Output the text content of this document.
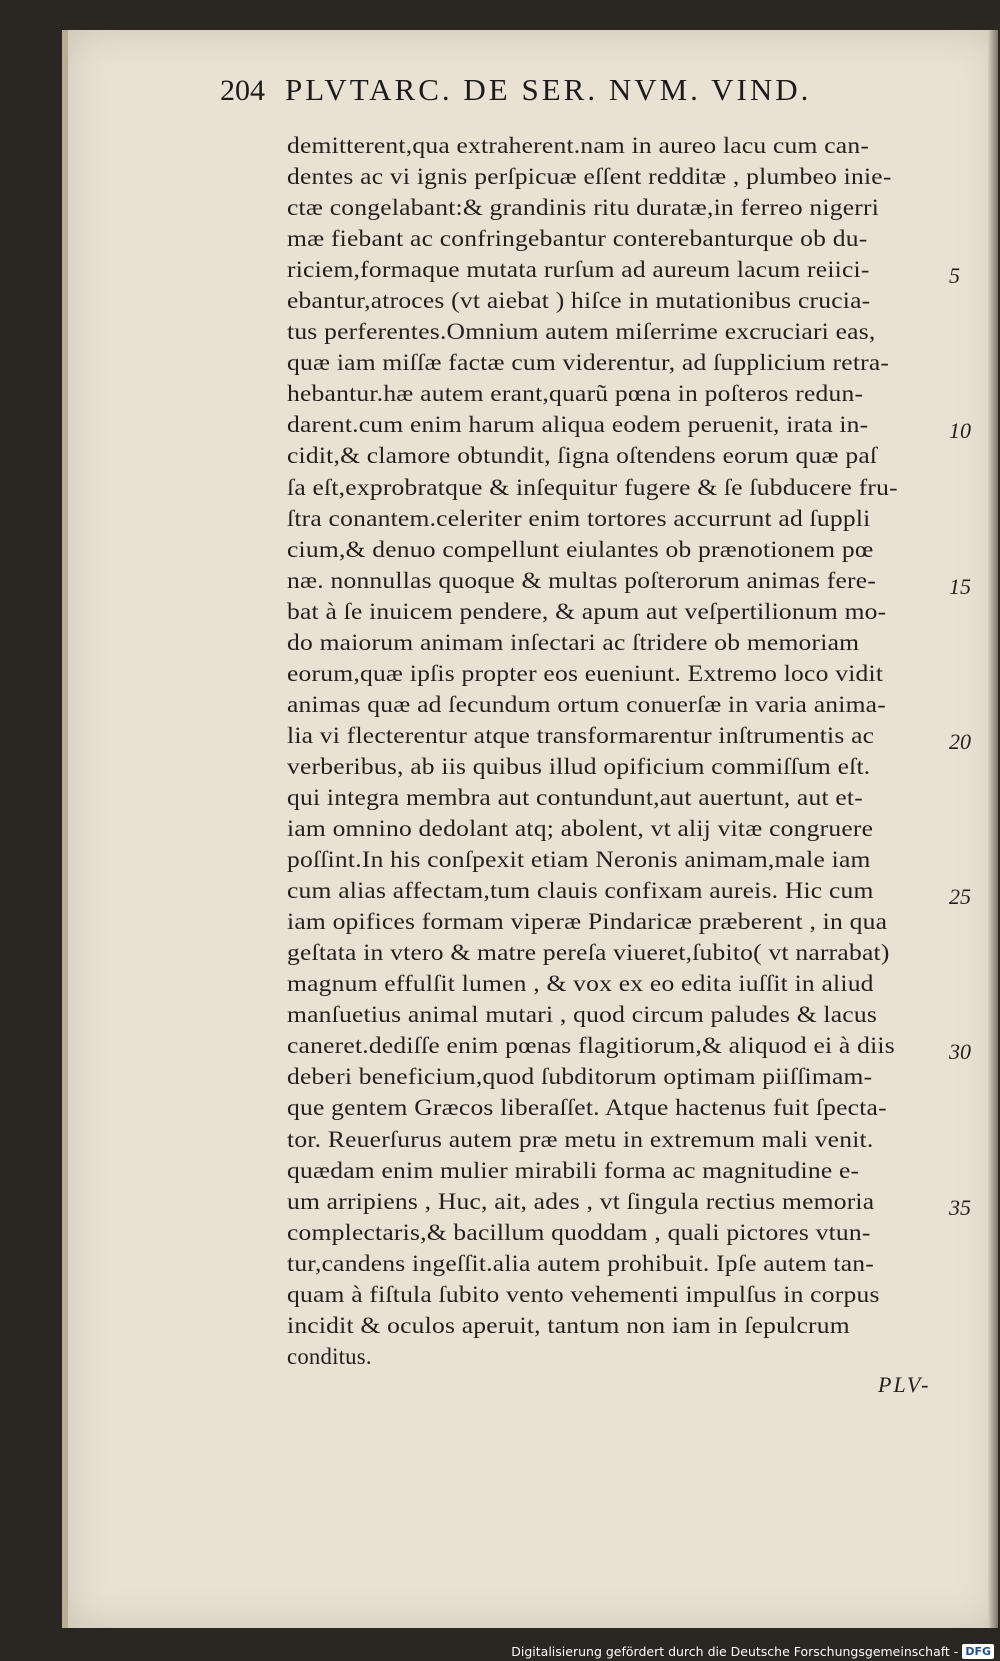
204 PLVTARC. DE SER. NVM. VIND.
demitterent,qua extraherent.nam in aureo lacu cum can-
dentes ac vi ignis perſpicuæ eſſent redditæ , plumbeo inie-
ctæ congelabant:& grandinis ritu duratæ,in ferreo nigerri
mæ fiebant ac confringebantur conterebanturque ob du-
riciem,formaque mutata rurſum ad aureum lacum reiici-
ebantur,atroces (vt aiebat ) hiſce in mutationibus crucia-
tus perferentes.Omnium autem miſerrime excruciari eas,
quæ iam miſſæ factæ cum viderentur, ad ſupplicium retra-
hebantur.hæ autem erant,quarũ pœna in poſteros redun-
darent.cum enim harum aliqua eodem peruenit, irata in-
cidit,& clamore obtundit, ſigna oſtendens eorum quæ paſ
ſa eſt,exprobratque & inſequitur fugere & ſe ſubducere fru-
ſtra conantem.celeriter enim tortores accurrunt ad ſuppli
cium,& denuo compellunt eiulantes ob prænotionem pœ
næ. nonnullas quoque & multas poſterorum animas fere-
bat à ſe inuicem pendere, & apum aut veſpertilionum mo-
do maiorum animam inſectari ac ſtridere ob memoriam
eorum,quæ ipſis propter eos eueniunt. Extremo loco vidit
animas quæ ad ſecundum ortum conuerſæ in varia anima-
lia vi flecterentur atque transformarentur inſtrumentis ac
verberibus, ab iis quibus illud opificium commiſſum eſt.
qui integra membra aut contundunt,aut auertunt, aut et-
iam omnino dedolant atq; abolent, vt alij vitæ congruere
poſſint.In his conſpexit etiam Neronis animam,male iam
cum alias affectam,tum clauis confixam aureis. Hic cum
iam opifices formam viperæ Pindaricæ præberent , in qua
geſtata in vtero & matre pereſa viueret,ſubito( vt narrabat)
magnum effulſit lumen , & vox ex eo edita iuſſit in aliud
manſuetius animal mutari , quod circum paludes & lacus
caneret.dediſſe enim pœnas flagitiorum,& aliquod ei à diis
deberi beneficium,quod ſubditorum optimam piiſſimam-
que gentem Græcos liberaſſet. Atque hactenus fuit ſpecta-
tor. Reuerſurus autem præ metu in extremum mali venit.
quædam enim mulier mirabili forma ac magnitudine e-
um arripiens , Huc, ait, ades , vt ſingula rectius memoria
complectaris,& bacillum quoddam , quali pictores vtun-
tur,candens ingeſſit.alia autem prohibuit. Ipſe autem tan-
quam à fiſtula ſubito vento vehementi impulſus in corpus
incidit & oculos aperuit, tantum non iam in ſepulcrum
conditus.
5
10
15
20
25
30
35
PLV-
Digitalisierung gefördert durch die Deutsche Forschungsgemeinschaft - DFG
